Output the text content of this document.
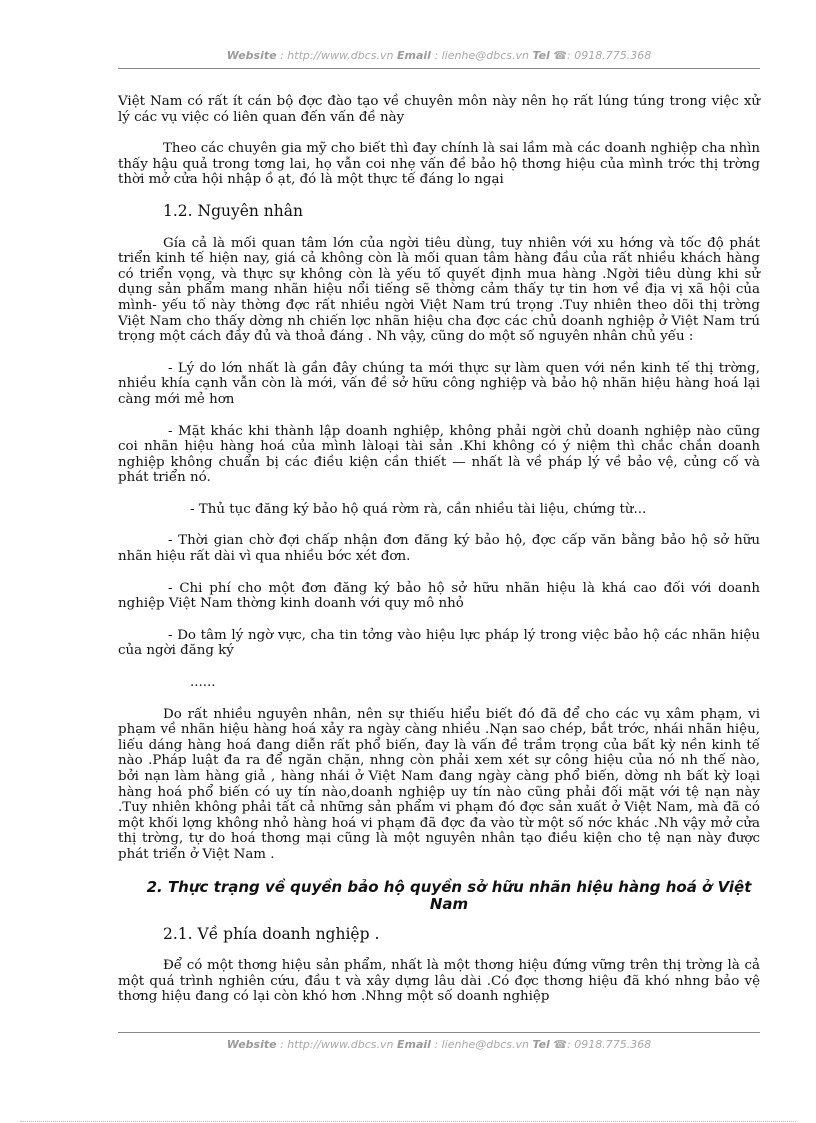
Website : http://www.dbcs.vn Email : lienhe@dbcs.vn Tel ☎: 0918.775.368

Việt Nam có rất ít cán bộ đợc đào tạo về chuyên môn này nên họ rất lúng túng trong việc xử lý các vụ việc có liên quan đến vấn đề này

Theo các chuyên gia mỹ cho biết thì đay chính là sai lầm mà các doanh nghiệp cha nhìn thấy hậu quả trong tơng lai, họ vẫn coi nhẹ vấn đề bảo hộ thơng hiệu của mình trớc thị trờng thời mở cửa hội nhập ồ ạt, đó là một thực tế đáng lo ngại

1.2. Nguyên nhân

Gía cả là mối quan tâm lớn của ngời tiêu dùng, tuy nhiên với xu hớng và tốc độ phát triển kinh tế hiện nay, giá cả không còn là mối quan tâm hàng đầu của rất nhiều khách hàng có triển vọng, và thực sự không còn là yếu tố quyết định mua hàng .Ngời tiêu dùng khi sử dụng sản phẩm mang nhãn hiệu nổi tiếng sẽ thờng cảm thấy tự tin hơn về địa vị xã hội của mình- yếu tố này thờng đợc rất nhiều ngời Việt Nam trú trọng .Tuy nhiên theo dõi thị trờng Việt Nam cho thấy dờng nh chiến lợc nhãn hiệu cha đợc các chủ doanh nghiệp ở Việt Nam trú trọng một cách đầy đủ và thoả đáng . Nh vậy, cũng do một số nguyên nhân chủ yếu :

- Lý do lớn nhất là gần đây chúng ta mới thực sự làm quen với nền kinh tế thị trờng, nhiều khía cạnh vẫn còn là mới, vấn đề sở hữu công nghiệp và bảo hộ nhãn hiệu hàng hoá lại càng mới mẻ hơn

- Mặt khác khi thành lập doanh nghiệp, không phải ngời chủ doanh nghiệp nào cũng coi nhãn hiệu hàng hoá của mình làloại tài sản .Khi không có ý niệm thì chắc chắn doanh nghiệp không chuẩn bị các điều kiện cần thiết — nhất là về pháp lý về bảo vệ, củng cố và phát triển nó.

- Thủ tục đăng ký bảo hộ quá rờm rà, cần nhiều tài liệu, chứng từ...

- Thời gian chờ đợi chấp nhận đơn đăng ký bảo hộ, đợc cấp văn bằng bảo hộ sở hữu nhãn hiệu rất dài vì qua nhiều bớc xét đơn.

- Chi phí cho một đơn đăng ký bảo hộ sở hữu nhãn hiệu là khá cao đối với doanh nghiệp Việt Nam thờng kinh doanh với quy mô nhỏ

- Do tâm lý ngờ vực, cha tin tởng vào hiệu lực pháp lý trong việc bảo hộ các nhãn hiệu của ngời đăng ký

......

Do rất nhiều nguyên nhân, nên sự thiếu hiểu biết đó đã để cho các vụ xâm phạm, vi phạm về nhãn hiệu hàng hoá xảy ra ngày càng nhiều .Nạn sao chép, bắt trớc, nhái nhãn hiệu, liếu dáng hàng hoá đang diễn rất phổ biến, đay là vấn đề trầm trọng của bất kỳ nền kinh tế nào .Pháp luật đa ra để ngăn chặn, nhng còn phải xem xét sự công hiệu của nó nh thế nào, bởi nạn làm hàng giả , hàng nhái ở Việt Nam đang ngày càng phổ biến, dờng nh bất kỳ loại hàng hoá phổ biến có uy tín nào,doanh nghiệp uy tín nào cũng phải đối mặt với tệ nạn này .Tuy nhiên không phải tất cả những sản phẩm vi phạm đó đợc sản xuất ở Việt Nam, mà đã có một khối lợng không nhỏ hàng hoá vi phạm đã đợc đa vào từ một số nớc khác .Nh vậy mở cửa thị trờng, tự do hoá thơng mại cũng là một nguyên nhân tạo điều kiện cho tệ nạn này được phát triển ở Việt Nam .

2. Thực trạng về quyền bảo hộ quyền sở hữu nhãn hiệu hàng hoá ở Việt Nam
2.1. Về phía doanh nghiệp .

Để có một thơng hiệu sản phẩm, nhất là một thơng hiệu đứng vững trên thị trờng là cả một quá trình nghiên cứu, đầu t và xây dựng lâu dài .Có đợc thơng hiệu đã khó nhng bảo vệ thơng hiệu đang có lại còn khó hơn .Nhng một số doanh nghiệp

Website : http://www.dbcs.vn Email : lienhe@dbcs.vn Tel ☎: 0918.775.368
